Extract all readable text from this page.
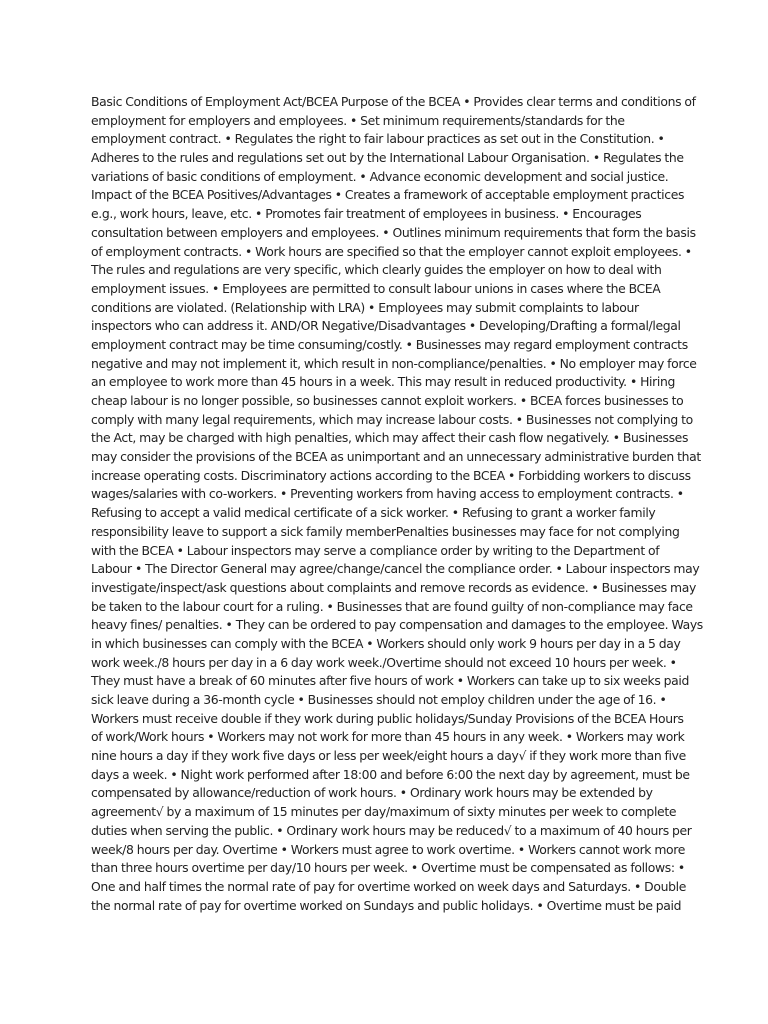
Basic Conditions of Employment Act/BCEA Purpose of the BCEA • Provides clear terms and conditions of
employment for employers and employees. • Set minimum requirements/standards for the
employment contract. • Regulates the right to fair labour practices as set out in the Constitution. •
Adheres to the rules and regulations set out by the International Labour Organisation. • Regulates the
variations of basic conditions of employment. • Advance economic development and social justice.
Impact of the BCEA Positives/Advantages • Creates a framework of acceptable employment practices
e.g., work hours, leave, etc. • Promotes fair treatment of employees in business. • Encourages
consultation between employers and employees. • Outlines minimum requirements that form the basis
of employment contracts. • Work hours are specified so that the employer cannot exploit employees. •
The rules and regulations are very specific, which clearly guides the employer on how to deal with
employment issues. • Employees are permitted to consult labour unions in cases where the BCEA
conditions are violated. (Relationship with LRA) • Employees may submit complaints to labour
inspectors who can address it. AND/OR Negative/Disadvantages • Developing/Drafting a formal/legal
employment contract may be time consuming/costly. • Businesses may regard employment contracts
negative and may not implement it, which result in non-compliance/penalties. • No employer may force
an employee to work more than 45 hours in a week. This may result in reduced productivity. • Hiring
cheap labour is no longer possible, so businesses cannot exploit workers. • BCEA forces businesses to
comply with many legal requirements, which may increase labour costs. • Businesses not complying to
the Act, may be charged with high penalties, which may affect their cash flow negatively. • Businesses
may consider the provisions of the BCEA as unimportant and an unnecessary administrative burden that
increase operating costs. Discriminatory actions according to the BCEA • Forbidding workers to discuss
wages/salaries with co-workers. • Preventing workers from having access to employment contracts. •
Refusing to accept a valid medical certificate of a sick worker. • Refusing to grant a worker family
responsibility leave to support a sick family memberPenalties businesses may face for not complying
with the BCEA • Labour inspectors may serve a compliance order by writing to the Department of
Labour • The Director General may agree/change/cancel the compliance order. • Labour inspectors may
investigate/inspect/ask questions about complaints and remove records as evidence. • Businesses may
be taken to the labour court for a ruling. • Businesses that are found guilty of non-compliance may face
heavy fines/ penalties. • They can be ordered to pay compensation and damages to the employee. Ways
in which businesses can comply with the BCEA • Workers should only work 9 hours per day in a 5 day
work week./8 hours per day in a 6 day work week./Overtime should not exceed 10 hours per week. •
They must have a break of 60 minutes after five hours of work • Workers can take up to six weeks paid
sick leave during a 36-month cycle • Businesses should not employ children under the age of 16. •
Workers must receive double if they work during public holidays/Sunday Provisions of the BCEA Hours
of work/Work hours • Workers may not work for more than 45 hours in any week. • Workers may work
nine hours a day if they work five days or less per week/eight hours a day√ if they work more than five
days a week. • Night work performed after 18:00 and before 6:00 the next day by agreement, must be
compensated by allowance/reduction of work hours. • Ordinary work hours may be extended by
agreement√ by a maximum of 15 minutes per day/maximum of sixty minutes per week to complete
duties when serving the public. • Ordinary work hours may be reduced√ to a maximum of 40 hours per
week/8 hours per day. Overtime • Workers must agree to work overtime. • Workers cannot work more
than three hours overtime per day/10 hours per week. • Overtime must be compensated as follows: •
One and half times the normal rate of pay for overtime worked on week days and Saturdays. • Double
the normal rate of pay for overtime worked on Sundays and public holidays. • Overtime must be paid
